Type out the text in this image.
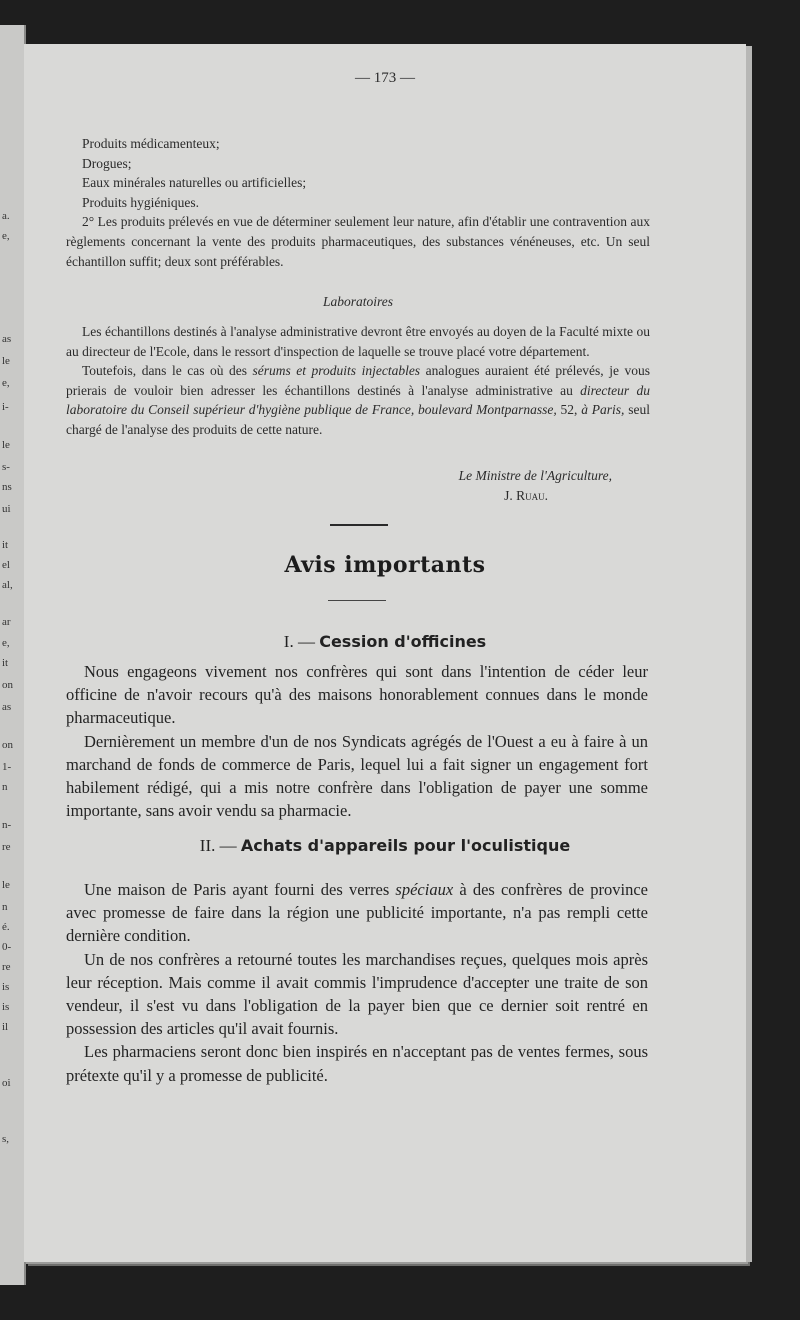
a.
e,
as
le
e,
i-
le
s-
ns
ui
it
el
al,
ar
e,
it
on
as
on
1-
n
n-
re
le
n
é.
0-
re
is
is
il
oi
s,
— 173 —

Produits médicamenteux;

Drogues;

Eaux minérales naturelles ou artificielles;

Produits hygiéniques.

2° Les produits prélevés en vue de déterminer seulement leur nature, afin d'établir une contravention aux règlements concernant la vente des produits pharmaceutiques, des substances vénéneuses, etc. Un seul échantillon suffit; deux sont préférables.

Laboratoires

Les échantillons destinés à l'analyse administrative devront être envoyés au doyen de la Faculté mixte ou au directeur de l'Ecole, dans le ressort d'inspection de laquelle se trouve placé votre département.

Toutefois, dans le cas où des sérums et produits injectables analogues auraient été prélevés, je vous prierais de vouloir bien adresser les échantillons destinés à l'analyse administrative au directeur du laboratoire du Conseil supérieur d'hygiène publique de France, boulevard Montparnasse, 52, à Paris, seul chargé de l'analyse des produits de cette nature.

Le Ministre de l'Agriculture,

J. Ruau.

Avis importants
I. — Cession d'officines

Nous engageons vivement nos confrères qui sont dans l'intention de céder leur officine de n'avoir recours qu'à des maisons honorablement connues dans le monde pharmaceutique.

Dernièrement un membre d'un de nos Syndicats agrégés de l'Ouest a eu à faire à un marchand de fonds de commerce de Paris, lequel lui a fait signer un engagement fort habilement rédigé, qui a mis notre confrère dans l'obligation de payer une somme importante, sans avoir vendu sa pharmacie.

II. — Achats d'appareils pour l'oculistique

Une maison de Paris ayant fourni des verres spéciaux à des confrères de province avec promesse de faire dans la région une publicité importante, n'a pas rempli cette dernière condition.

Un de nos confrères a retourné toutes les marchandises reçues, quelques mois après leur réception. Mais comme il avait commis l'imprudence d'accepter une traite de son vendeur, il s'est vu dans l'obligation de la payer bien que ce dernier soit rentré en possession des articles qu'il avait fournis.

Les pharmaciens seront donc bien inspirés en n'acceptant pas de ventes fermes, sous prétexte qu'il y a promesse de publicité.
